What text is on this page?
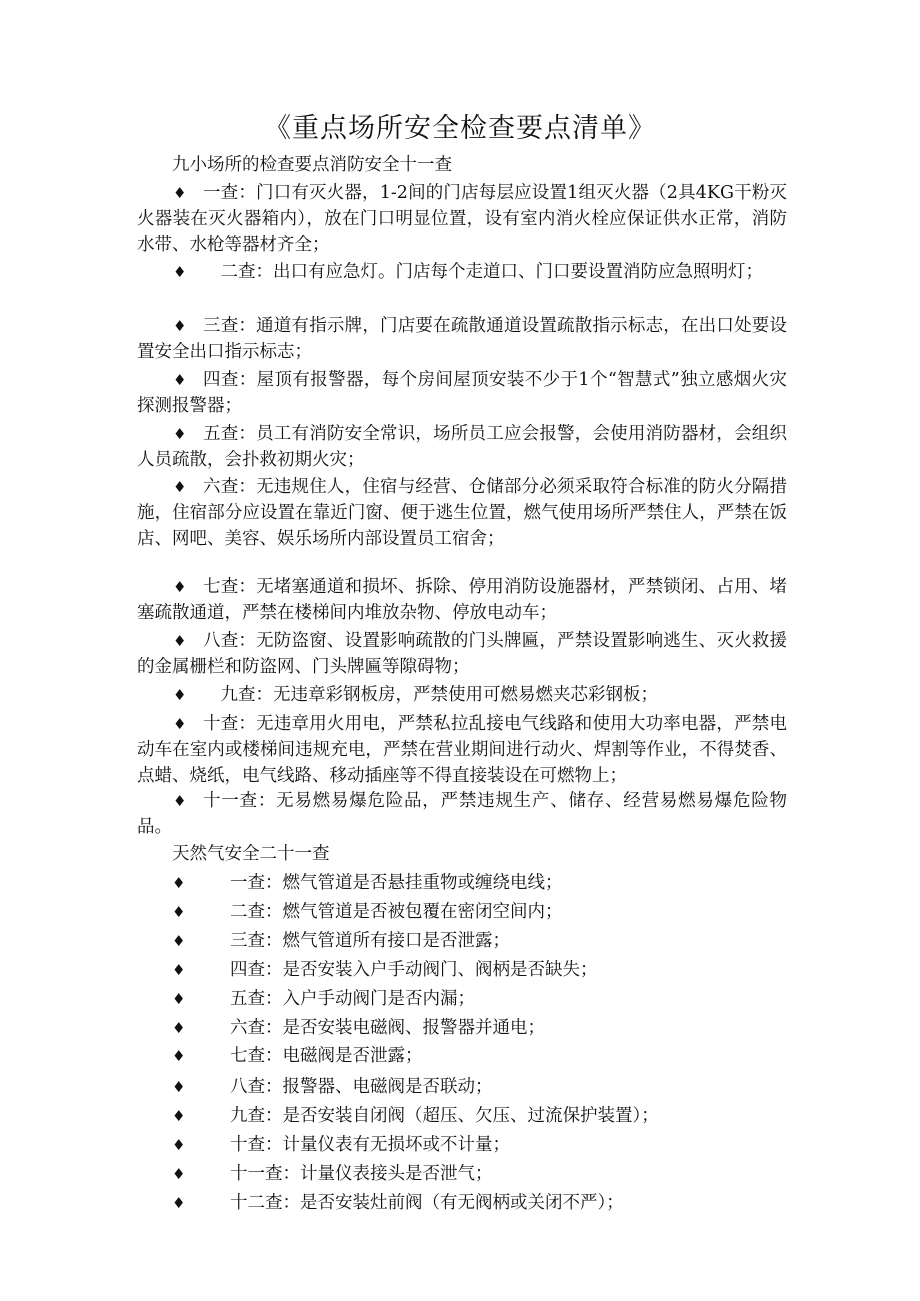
《重点场所安全检查要点清单》
九小场所的检查要点消防安全十一查
♦ 一查：门口有灭火器，1-2间的门店每层应设置1组灭火器（2具4KG干粉灭火器装在灭火器箱内），放在门口明显位置，设有室内消火栓应保证供水正常，消防水带、水枪等器材齐全；
♦ 　二查：出口有应急灯。门店每个走道口、门口要设置消防应急照明灯；
♦ 三查：通道有指示牌，门店要在疏散通道设置疏散指示标志，在出口处要设置安全出口指示标志；
♦ 四查：屋顶有报警器，每个房间屋顶安装不少于1个“智慧式”独立感烟火灾探测报警器；
♦ 五查：员工有消防安全常识，场所员工应会报警，会使用消防器材，会组织人员疏散，会扑救初期火灾；
♦ 六查：无违规住人，住宿与经营、仓储部分必须采取符合标准的防火分隔措施，住宿部分应设置在靠近门窗、便于逃生位置，燃气使用场所严禁住人，严禁在饭店、网吧、美容、娱乐场所内部设置员工宿舍；
♦ 七查：无堵塞通道和损坏、拆除、停用消防设施器材，严禁锁闭、占用、堵塞疏散通道，严禁在楼梯间内堆放杂物、停放电动车；
♦ 八查：无防盗窗、设置影响疏散的门头牌匾，严禁设置影响逃生、灭火救援的金属栅栏和防盗网、门头牌匾等隙碍物；
♦ 　九查：无违章彩钢板房，严禁使用可燃易燃夹芯彩钢板；
♦ 十查：无违章用火用电，严禁私拉乱接电气线路和使用大功率电器，严禁电动车在室内或楼梯间违规充电，严禁在营业期间进行动火、焊割等作业，不得焚香、点蜡、烧纸，电气线路、移动插座等不得直接装设在可燃物上；
♦ 十一查：无易燃易爆危险品，严禁违规生产、储存、经营易燃易爆危险物品。
天然气安全二十一查
♦	一查：燃气管道是否悬挂重物或缠绕电线；
♦	二查：燃气管道是否被包覆在密闭空间内；
♦	三查：燃气管道所有接口是否泄露；
♦	四查：是否安装入户手动阀门、阀柄是否缺失；
♦	五查：入户手动阀门是否内漏；
♦	六查：是否安装电磁阀、报警器并通电；
♦	七查：电磁阀是否泄露；
♦	八查：报警器、电磁阀是否联动；
♦	九查：是否安装自闭阀（超压、欠压、过流保护装置）；
♦	十查：计量仪表有无损坏或不计量；
♦	十一查：计量仪表接头是否泄气；
♦	十二查：是否安装灶前阀（有无阀柄或关闭不严）；
